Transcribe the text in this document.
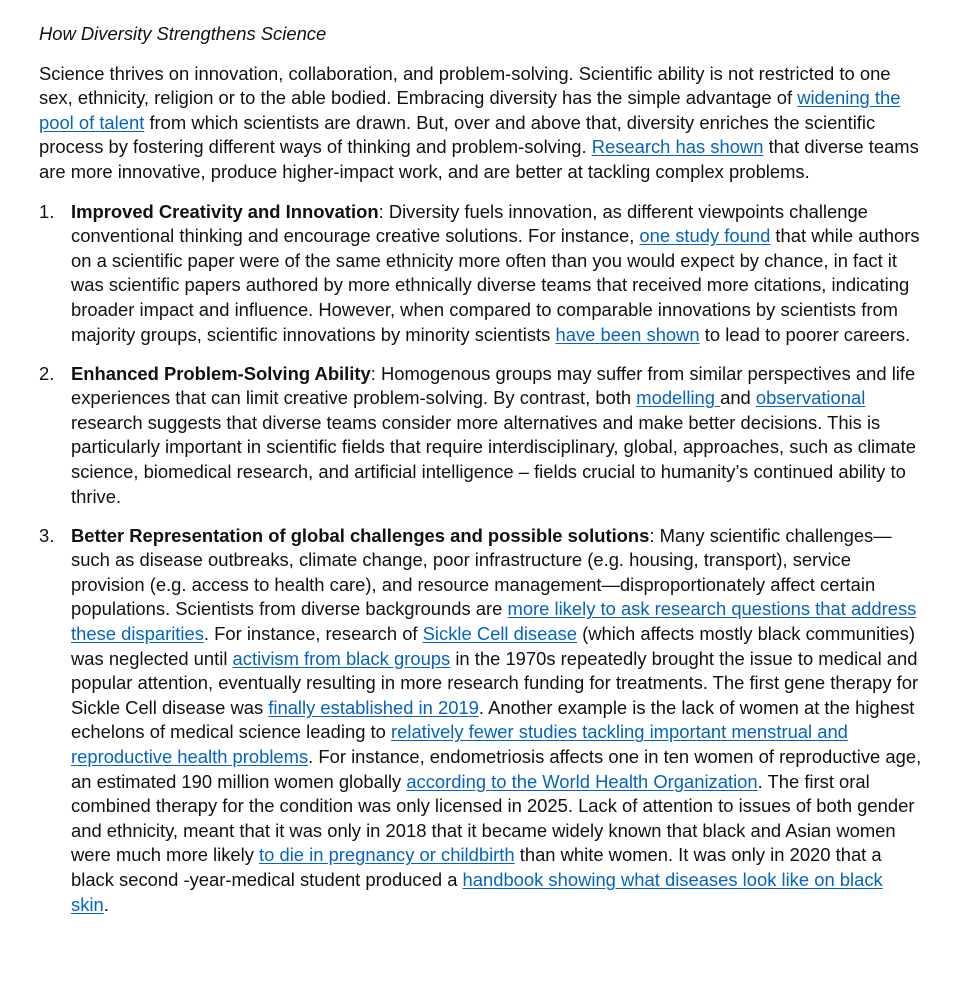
How Diversity Strengthens Science

Science thrives on innovation, collaboration, and problem-solving. Scientific ability is not restricted to one sex, ethnicity, religion or to the able bodied. Embracing diversity has the simple advantage of widening the pool of talent from which scientists are drawn. But, over and above that, diversity enriches the scientific process by fostering different ways of thinking and problem-solving. Research has shown that diverse teams are more innovative, produce higher-impact work, and are better at tackling complex problems.

1. Improved Creativity and Innovation: Diversity fuels innovation, as different viewpoints challenge conventional thinking and encourage creative solutions. For instance, one study found that while authors on a scientific paper were of the same ethnicity more often than you would expect by chance, in fact it was scientific papers authored by more ethnically diverse teams that received more citations, indicating broader impact and influence. However, when compared to comparable innovations by scientists from majority groups, scientific innovations by minority scientists have been shown to lead to poorer careers.
2. Enhanced Problem-Solving Ability: Homogenous groups may suffer from similar perspectives and life experiences that can limit creative problem-solving. By contrast, both modelling and observational research suggests that diverse teams consider more alternatives and make better decisions. This is particularly important in scientific fields that require interdisciplinary, global, approaches, such as climate science, biomedical research, and artificial intelligence – fields crucial to humanity’s continued ability to thrive.
3. Better Representation of global challenges and possible solutions: Many scientific challenges—such as disease outbreaks, climate change, poor infrastructure (e.g. housing, transport), service provision (e.g. access to health care), and resource management—disproportionately affect certain populations. Scientists from diverse backgrounds are more likely to ask research questions that address these disparities. For instance, research of Sickle Cell disease (which affects mostly black communities) was neglected until activism from black groups in the 1970s repeatedly brought the issue to medical and popular attention, eventually resulting in more research funding for treatments. The first gene therapy for Sickle Cell disease was finally established in 2019. Another example is the lack of women at the highest echelons of medical science leading to relatively fewer studies tackling important menstrual and reproductive health problems. For instance, endometriosis affects one in ten women of reproductive age, an estimated 190 million women globally according to the World Health Organization. The first oral combined therapy for the condition was only licensed in 2025. Lack of attention to issues of both gender and ethnicity, meant that it was only in 2018 that it became widely known that black and Asian women were much more likely to die in pregnancy or childbirth than white women. It was only in 2020 that a black second -year-medical student produced a handbook showing what diseases look like on black skin.
